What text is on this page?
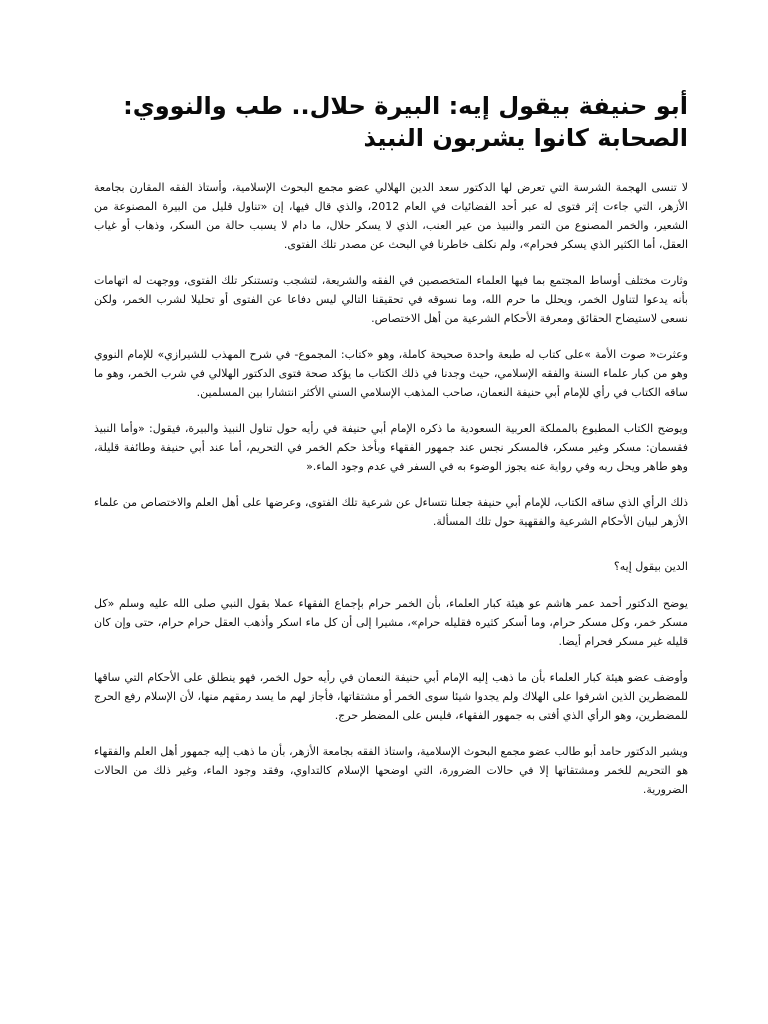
أبو حنيفة بيقول إيه: البيرة حلال.. طب والنووي: الصحابة كانوا يشربون النبيذ

لا تنسى الهجمة الشرسة التي تعرض لها الدكتور سعد الدين الهلالي عضو مجمع البحوث الإسلامية، وأستاذ الفقه المقارن بجامعة الأزهر، التي جاءت إثر فتوى له عبر أحد الفضائيات في العام 2012، والذي قال فيها، إن «تناول قليل من البيرة المصنوعة من الشعير، والخمر المصنوع من التمر والنبيذ من عير العنب، الذي لا يسكر حلال، ما دام لا يسبب حالة من السكر، وذهاب أو غياب العقل، أما الكثير الذي يسكر فحرام»، ولم نكلف خاطرنا في البحث عن مصدر تلك الفتوى.

وثارت مختلف أوساط المجتمع بما فيها العلماء المتخصصين في الفقه والشريعة، لتشجب وتستنكر تلك الفتوى، ووجهت له اتهامات بأنه يدعوا لتناول الخمر، ويحلل ما حرم الله، وما نسوقه في تحقيقنا التالي ليس دفاعا عن الفتوى أو تحليلا لشرب الخمر، ولكن نسعى لاستيضاح الحقائق ومعرفة الأحكام الشرعية من أهل الاختصاص.

وعثرت« صوت الأمة »على كتاب له طبعة واحدة صحيحة كاملة، وهو «كتاب: المجموع- في شرح المهذب للشيرازي» للإمام النووي وهو من كبار علماء السنة والفقه الإسلامي، حيث وجدنا في ذلك الكتاب ما يؤكد صحة فتوى الدكتور الهلالي في شرب الخمر، وهو ما ساقه الكتاب في رأي للإمام أبي حنيفة النعمان، صاحب المذهب الإسلامي السني الأكثر انتشارا بين المسلمين.

ويوضح الكتاب المطبوع بالمملكة العربية السعودية ما ذكره الإمام أبي حنيفة في رأيه حول تناول النبيذ والبيرة، فيقول: «وأما النبيذ فقسمان: مسكر وغير مسكر، فالمسكر نجس عند جمهور الفقهاء وبأخذ حكم الخمر في التحريم، أما عند أبي حنيفة وطائفة قليلة، وهو طاهر ويحل ربه وفي رواية عنه يجوز الوضوء به في السفر في عدم وجود الماء.«

ذلك الرأي الذي ساقه الكتاب، للإمام أبي حنيفة جعلنا نتساءل عن شرعية تلك الفتوى، وعرضها على أهل العلم والاختصاص من علماء الأزهر لبيان الأحكام الشرعية والفقهية حول تلك المسألة.

الدين بيقول إيه؟

يوضح الدكتور أحمد عمر هاشم عو هيئة كبار العلماء، بأن الخمر حرام بإجماع الفقهاء عملا بقول النبي صلى الله عليه وسلم «كل مسكر خمر، وكل مسكر حرام، وما أسكر كثيره فقليله حرام»، مشيرا إلى أن كل ماء اسكر وأذهب العقل حرام حرام، حتى وإن كان قليله غير مسكر فحرام أيضا.

وأوضف عضو هيئة كبار العلماء بأن ما ذهب إليه الإمام أبي حنيفة النعمان في رأيه حول الخمر، فهو ينطلق على الأحكام التي ساقها للمضطرين الذين اشرفوا على الهلاك ولم يجدوا شيئا سوى الخمر أو مشتقاتها، فأجاز لهم ما يسد رمقهم منها، لأن الإسلام رفع الحرج للمضطرين، وهو الرأي الذي أفتى به جمهور الفقهاء، فليس على المضطر حرج.

ويشير الدكتور حامد أبو طالب عضو مجمع البحوث الإسلامية، واستاذ الفقه بجامعة الأزهر، بأن ما ذهب إليه جمهور أهل العلم والفقهاء هو التحريم للخمر ومشتقاتها إلا في حالات الضرورة، التي اوضحها الإسلام كالتداوي، وفقد وجود الماء، وغير ذلك من الحالات الضرورية.
